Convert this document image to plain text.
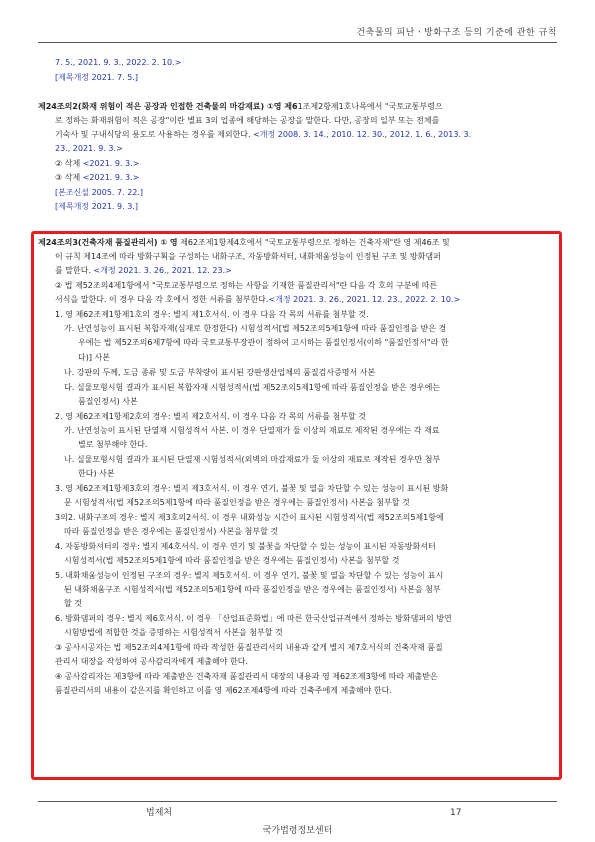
건축물의 피난ㆍ방화구조 등의 기준에 관한 규칙
7. 5., 2021. 9. 3., 2022. 2. 10.>
[제목개정 2021. 7. 5.]
제24조의2(화재 위험이 적은 공장과 인접한 건축물의 마감재료) ①영 제61조제2항제1호나목에서 "국토교통부령으
로 정하는 화재위험이 적은 공장"이란 별표 3의 업종에 해당하는 공장을 말한다. 다만, 공장의 일부 또는 전체를
기숙사 및 구내식당의 용도로 사용하는 경우를 제외한다. <개정 2008. 3. 14., 2010. 12. 30., 2012. 1. 6., 2013. 3.
23., 2021. 9. 3.>
② 삭제 <2021. 9. 3.>
③ 삭제 <2021. 9. 3.>
[본조신설 2005. 7. 22.]
[제목개정 2021. 9. 3.]
제24조의3(건축자재 품질관리서) ① 영 제62조제1항제4호에서 "국토교통부령으로 정하는 건축자재"란 영 제46조 및
이 규칙 제14조에 따라 방화구획을 구성하는 내화구조, 자동방화셔터, 내화채움성능이 인정된 구조 및 방화댐퍼
를 말한다. <개정 2021. 3. 26., 2021. 12. 23.>
② 법 제52조의4제1항에서 "국토교통부령으로 정하는 사항을 기재한 품질관리서"란 다음 각 호의 구분에 따른
서식을 말한다. 이 경우 다음 각 호에서 정한 서류를 첨부한다.<개정 2021. 3. 26., 2021. 12. 23., 2022. 2. 10.>
1. 영 제62조제1항제1호의 경우: 별지 제1호서식. 이 경우 다음 각 목의 서류를 첨부할 것.
가. 난연성능이 표시된 복합자재(심재로 한정한다) 시험성적서[법 제52조의5제1항에 따라 품질인정을 받은 경
우에는 법 제52조의6제7항에 따라 국토교통부장관이 정하여 고시하는 품질인정서(이하 "품질인정서"라 한
다)] 사본
나. 강판의 두께, 도금 종류 및 도금 부착량이 표시된 강판생산업체의 품질검사증명서 사본
다. 실물모형시험 결과가 표시된 복합자재 시험성적서(법 제52조의5제1항에 따라 품질인정을 받은 경우에는
품질인정서) 사본
2. 영 제62조제1항제2호의 경우: 별지 제2호서식. 이 경우 다음 각 목의 서류를 첨부할 것
가. 난연성능이 표시된 단열재 시험성적서 사본. 이 경우 단열재가 둘 이상의 재료로 제작된 경우에는 각 재료
별로 첨부해야 한다.
나. 실물모형시험 결과가 표시된 단열재 시험성적서(외벽의 마감재료가 둘 이상의 재료로 제작된 경우만 첨부
한다) 사본
3. 영 제62조제1항제3호의 경우: 별지 제3호서식. 이 경우 연기, 불꽃 및 열을 차단할 수 있는 성능이 표시된 방화
문 시험성적서(법 제52조의5제1항에 따라 품질인정을 받은 경우에는 품질인정서) 사본을 첨부할 것
3의2. 내화구조의 경우: 별지 제3호의2서식. 이 경우 내화성능 시간이 표시된 시험성적서(법 제52조의5제1항에
따라 품질인정을 받은 경우에는 품질인정서) 사본을 첨부할 것
4. 자동방화셔터의 경우: 별지 제4호서식. 이 경우 연기 및 불꽃을 차단할 수 있는 성능이 표시된 자동방화셔터
시험성적서(법 제52조의5제1항에 따라 품질인정을 받은 경우에는 품질인정서) 사본을 첨부할 것
5. 내화채움성능이 인정된 구조의 경우: 별지 제5호서식. 이 경우 연기, 불꽃 및 열을 차단할 수 있는 성능이 표시
된 내화채움구조 시험성적서(법 제52조의5제1항에 따라 품질인정을 받은 경우에는 품질인정서) 사본을 첨부
할 것
6. 방화댐퍼의 경우: 별지 제6호서식. 이 경우 「산업표준화법」에 따른 한국산업규격에서 정하는 방화댐퍼의 방연
시험방법에 적합한 것을 증명하는 시험성적서 사본을 첨부할 것
③ 공사시공자는 법 제52조의4제1항에 따라 작성한 품질관리서의 내용과 같게 별지 제7호서식의 건축자재 품질
관리서 대장을 작성하여 공사감리자에게 제출해야 한다.
④ 공사감리자는 제3항에 따라 제출받은 건축자재 품질관리서 대장의 내용과 영 제62조제3항에 따라 제출받은
품질관리서의 내용이 같은지를 확인하고 이를 영 제62조제4항에 따라 건축주에게 제출해야 한다.
법제처	17
국가법령정보센터
